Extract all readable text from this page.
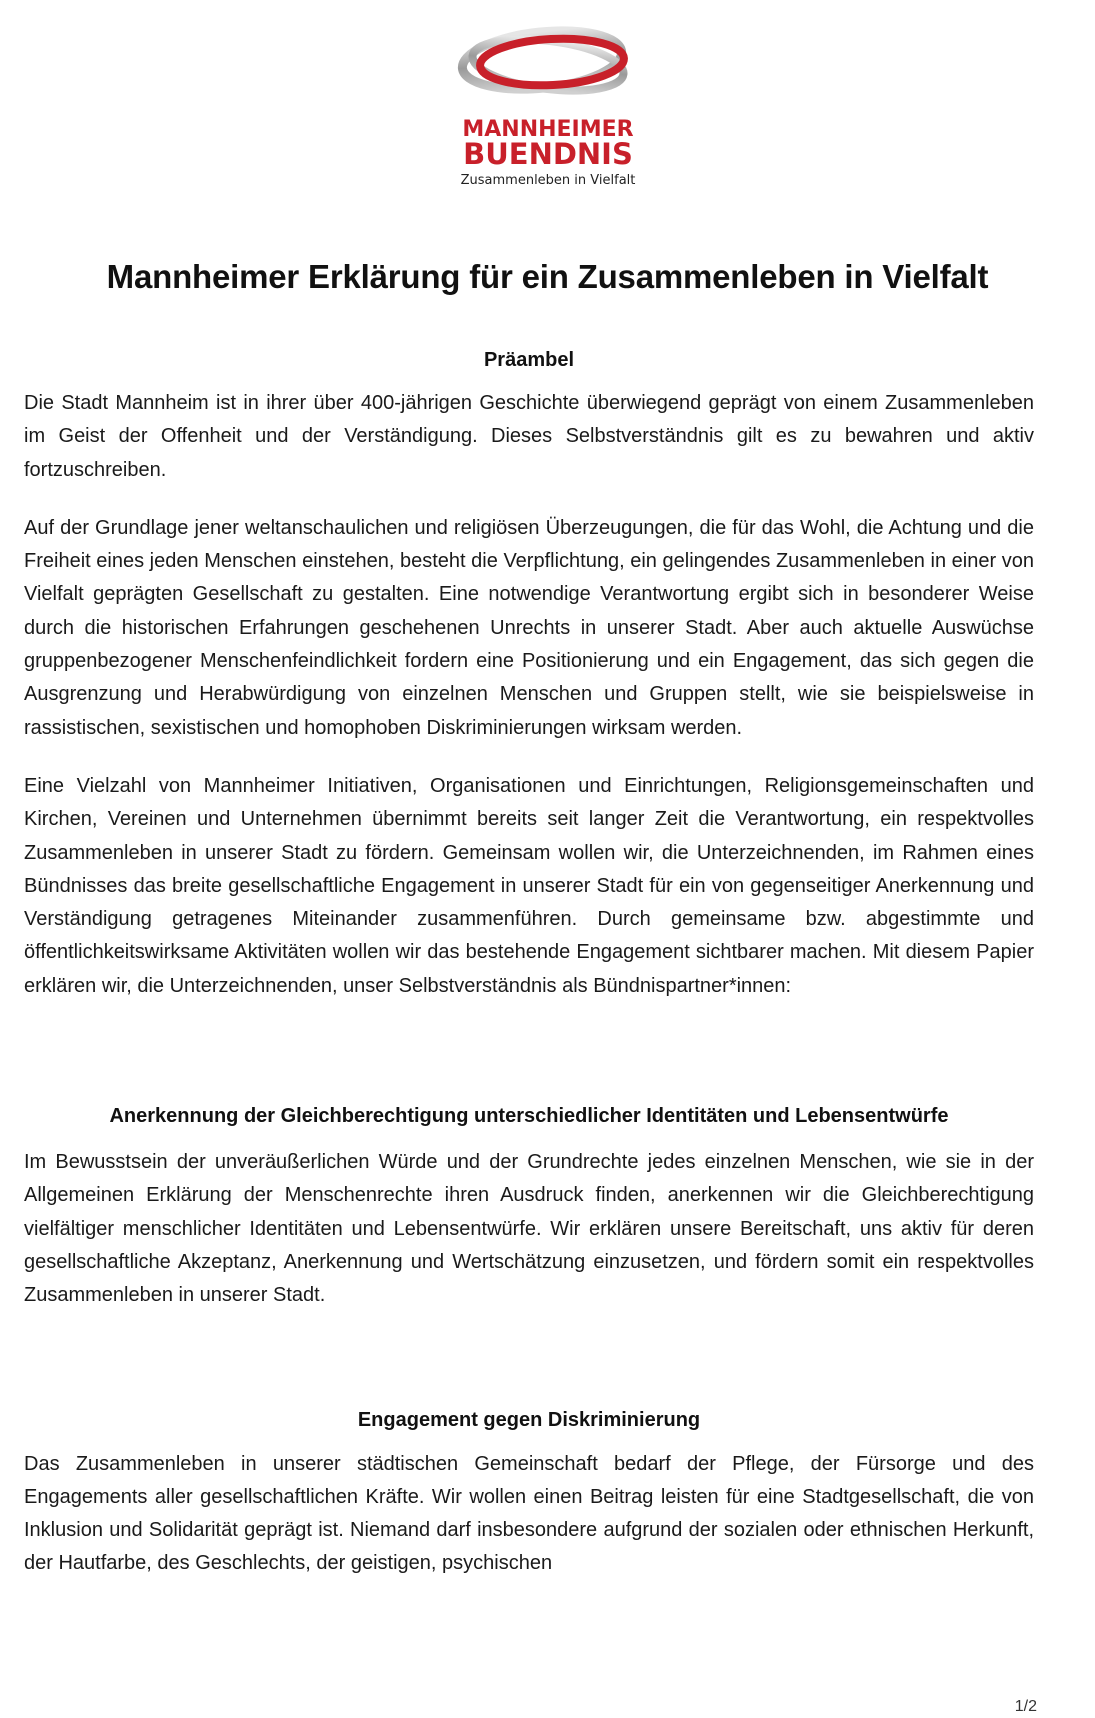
MANNHEIMER
BUENDNIS
Zusammenleben in Vielfalt
Mannheimer Erklärung für ein Zusammenleben in Vielfalt
Präambel

Die Stadt Mannheim ist in ihrer über 400-jährigen Geschichte überwiegend geprägt von einem Zusammenleben im Geist der Offenheit und der Verständigung. Dieses Selbstverständnis gilt es zu bewahren und aktiv fortzuschreiben.

Auf der Grundlage jener weltanschaulichen und religiösen Überzeugungen, die für das Wohl, die Achtung und die Freiheit eines jeden Menschen einstehen, besteht die Verpflichtung, ein gelingendes Zusammenleben in einer von Vielfalt geprägten Gesellschaft zu gestalten. Eine notwendige Verantwortung ergibt sich in besonderer Weise durch die historischen Erfahrungen geschehenen Unrechts in unserer Stadt. Aber auch aktuelle Auswüchse gruppenbezogener Menschenfeindlichkeit fordern eine Positionierung und ein Engagement, das sich gegen die Ausgrenzung und Herabwürdigung von einzelnen Menschen und Gruppen stellt, wie sie beispielsweise in rassistischen, sexistischen und homophoben Diskriminierungen wirksam werden.

Eine Vielzahl von Mannheimer Initiativen, Organisationen und Einrichtungen, Religionsgemeinschaften und Kirchen, Vereinen und Unternehmen übernimmt bereits seit langer Zeit die Verantwortung, ein respektvolles Zusammenleben in unserer Stadt zu fördern. Gemeinsam wollen wir, die Unterzeichnenden, im Rahmen eines Bündnisses das breite gesellschaftliche Engagement in unserer Stadt für ein von gegenseitiger Anerkennung und Verständigung getragenes Miteinander zusammenführen. Durch gemeinsame bzw. abgestimmte und öffentlichkeitswirksame Aktivitäten wollen wir das bestehende Engagement sichtbarer machen. Mit diesem Papier erklären wir, die Unterzeichnenden, unser Selbstverständnis als Bündnispartner*innen:

Anerkennung der Gleichberechtigung unterschiedlicher Identitäten und Lebensentwürfe

Im Bewusstsein der unveräußerlichen Würde und der Grundrechte jedes einzelnen Menschen, wie sie in der Allgemeinen Erklärung der Menschenrechte ihren Ausdruck finden, anerkennen wir die Gleichberechtigung vielfältiger menschlicher Identitäten und Lebensentwürfe. Wir erklären unsere Bereitschaft, uns aktiv für deren gesellschaftliche Akzeptanz, Anerkennung und Wertschätzung einzusetzen, und fördern somit ein respektvolles Zusammenleben in unserer Stadt.

Engagement gegen Diskriminierung

Das Zusammenleben in unserer städtischen Gemeinschaft bedarf der Pflege, der Fürsorge und des Engagements aller gesellschaftlichen Kräfte. Wir wollen einen Beitrag leisten für eine Stadtgesellschaft, die von Inklusion und Solidarität geprägt ist. Niemand darf insbesondere aufgrund der sozialen oder ethnischen Herkunft, der Hautfarbe, des Geschlechts, der geistigen, psychischen

1/2
